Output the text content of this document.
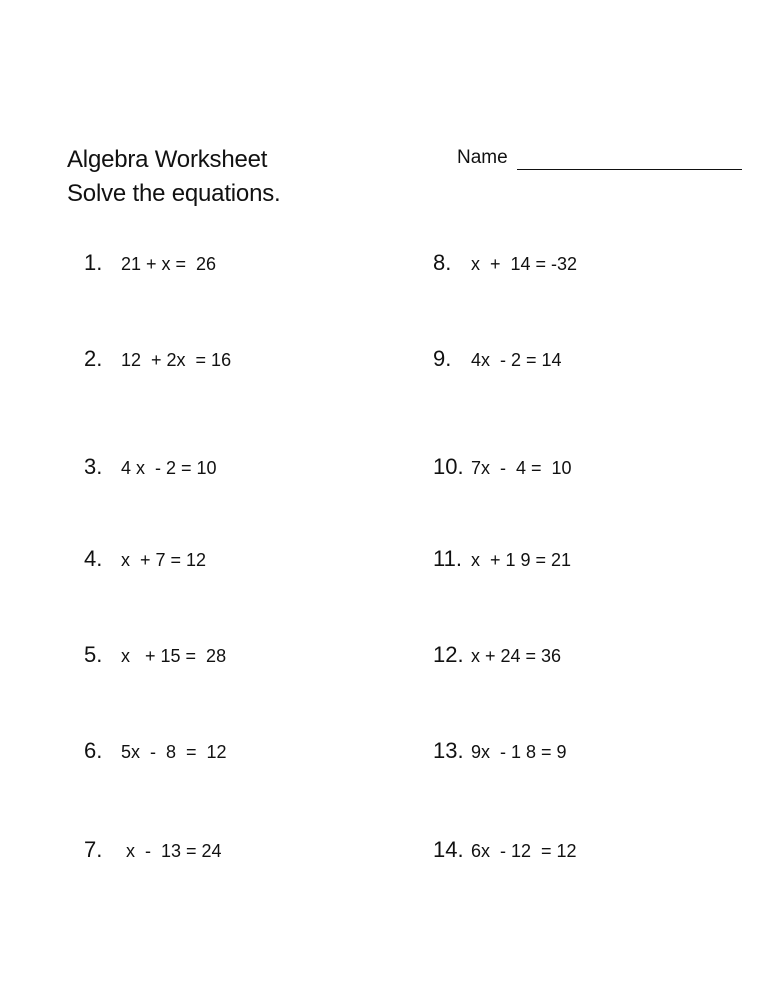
Algebra Worksheet
Solve the equations.
Name
1.	21 + x =  26
2.	12  + 2x  = 16
3.	4 x  - 2 = 10
4.	x  + 7 = 12
5.	x   + 15 =  28
6.	5x  -  8  =  12
7.	x  -  13 = 24
8.	x  +  14 = -32
9.	4x  - 2 = 14
10. 7x  -  4 =  10
11. x  + 1 9 = 21
12. x + 24 = 36
13. 9x  - 1 8 = 9
14. 6x  - 12  = 12
